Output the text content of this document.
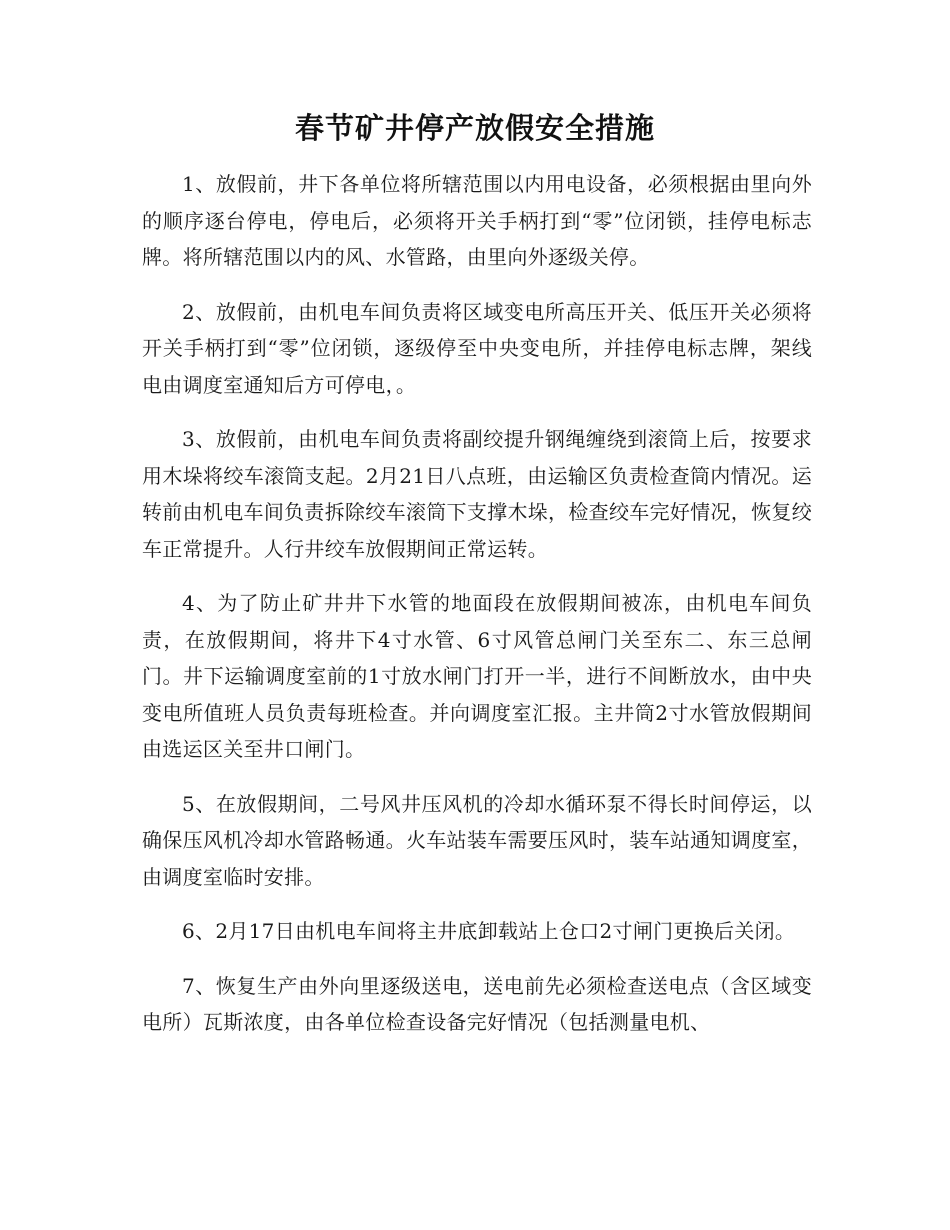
春节矿井停产放假安全措施

1、放假前，井下各单位将所辖范围以内用电设备，必须根据由里向外的顺序逐台停电，停电后，必须将开关手柄打到“零”位闭锁，挂停电标志牌。将所辖范围以内的风、水管路，由里向外逐级关停。

2、放假前，由机电车间负责将区域变电所高压开关、低压开关必须将开关手柄打到“零”位闭锁，逐级停至中央变电所，并挂停电标志牌，架线电由调度室通知后方可停电，。

3、放假前，由机电车间负责将副绞提升钢绳缠绕到滚筒上后，按要求用木垛将绞车滚筒支起。2月21日八点班，由运输区负责检查筒内情况。运转前由机电车间负责拆除绞车滚筒下支撑木垛，检查绞车完好情况，恢复绞车正常提升。人行井绞车放假期间正常运转。

4、为了防止矿井井下水管的地面段在放假期间被冻，由机电车间负责，在放假期间，将井下4寸水管、6寸风管总闸门关至东二、东三总闸门。井下运输调度室前的1寸放水闸门打开一半，进行不间断放水，由中央变电所值班人员负责每班检查。并向调度室汇报。主井筒2寸水管放假期间由选运区关至井口闸门。

5、在放假期间，二号风井压风机的冷却水循环泵不得长时间停运，以确保压风机冷却水管路畅通。火车站装车需要压风时，装车站通知调度室，由调度室临时安排。

6、2月17日由机电车间将主井底卸载站上仓口2寸闸门更换后关闭。

7、恢复生产由外向里逐级送电，送电前先必须检查送电点（含区域变电所）瓦斯浓度，由各单位检查设备完好情况（包括测量电机、
